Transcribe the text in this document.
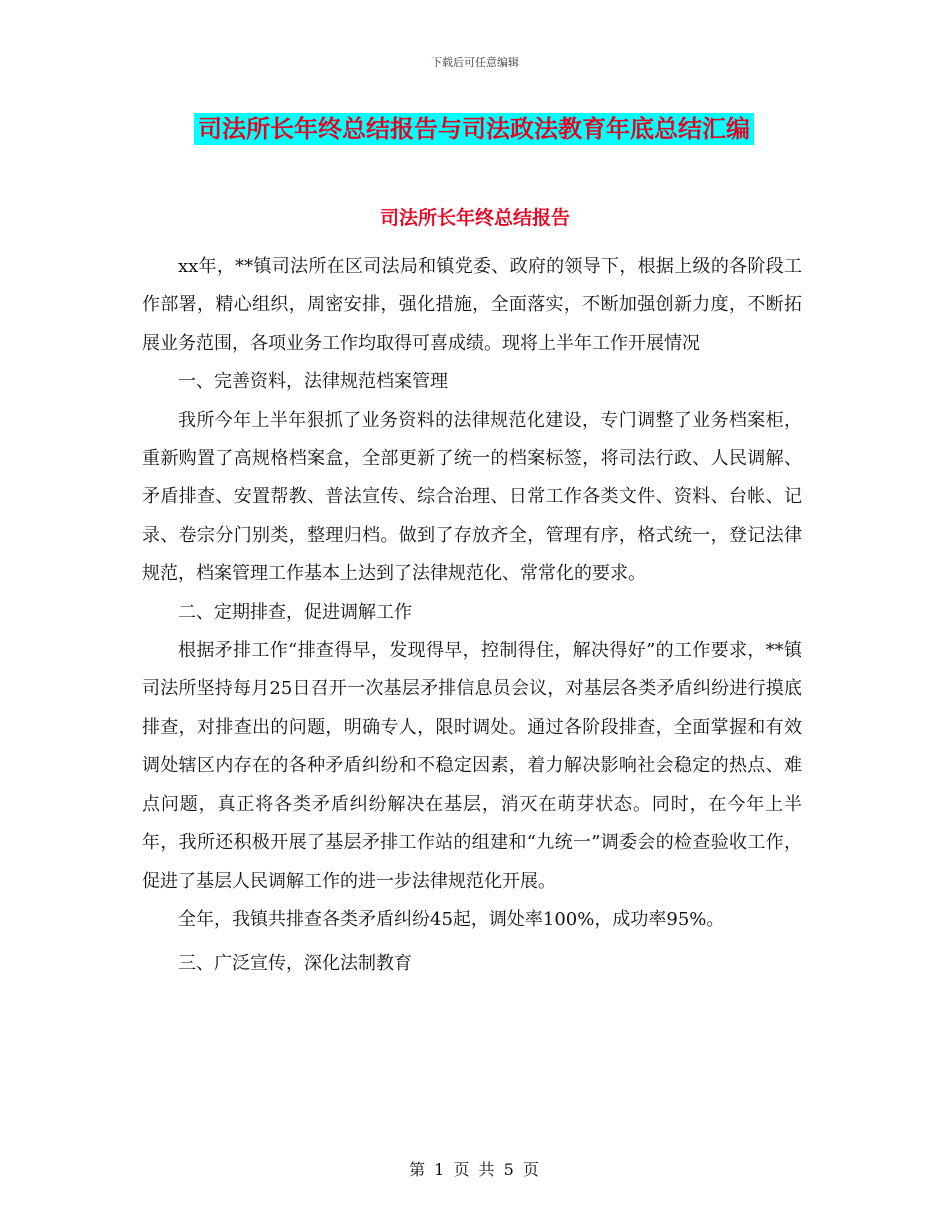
下载后可任意编辑
司法所长年终总结报告与司法政法教育年底总结汇编
司法所长年终总结报告

xx年，**镇司法所在区司法局和镇党委、政府的领导下，根据上级的各阶段工作部署，精心组织，周密安排，强化措施，全面落实，不断加强创新力度，不断拓展业务范围，各项业务工作均取得可喜成绩。现将上半年工作开展情况

一、完善资料，法律规范档案管理

我所今年上半年狠抓了业务资料的法律规范化建设，专门调整了业务档案柜，重新购置了高规格档案盒，全部更新了统一的档案标签，将司法行政、人民调解、矛盾排查、安置帮教、普法宣传、综合治理、日常工作各类文件、资料、台帐、记录、卷宗分门别类，整理归档。做到了存放齐全，管理有序，格式统一，登记法律规范，档案管理工作基本上达到了法律规范化、常常化的要求。

二、定期排查，促进调解工作

根据矛排工作“排查得早，发现得早，控制得住，解决得好”的工作要求，**镇司法所坚持每月25日召开一次基层矛排信息员会议，对基层各类矛盾纠纷进行摸底排查，对排查出的问题，明确专人，限时调处。通过各阶段排查，全面掌握和有效调处辖区内存在的各种矛盾纠纷和不稳定因素，着力解决影响社会稳定的热点、难点问题，真正将各类矛盾纠纷解决在基层，消灭在萌芽状态。同时，在今年上半年，我所还积极开展了基层矛排工作站的组建和“九统一”调委会的检查验收工作，促进了基层人民调解工作的进一步法律规范化开展。

全年，我镇共排查各类矛盾纠纷45起，调处率100%，成功率95%。

三、广泛宣传，深化法制教育

第 1 页 共 5 页
